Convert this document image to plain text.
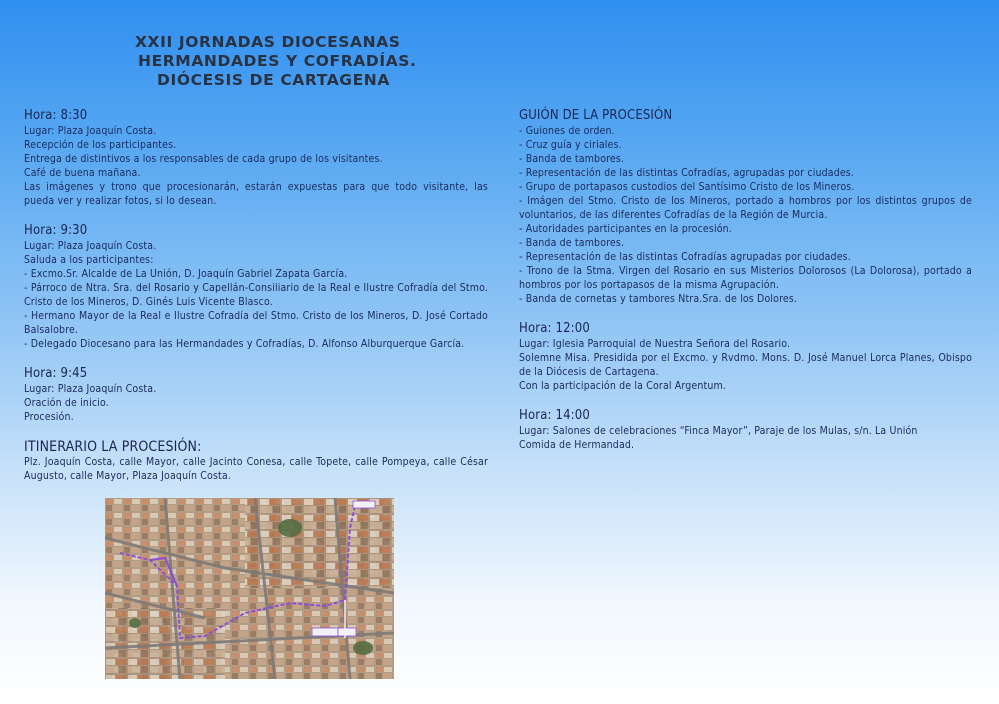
XXII JORNADAS DIOCESANAS
HERMANDADES Y COFRADÍAS.
DIÓCESIS DE CARTAGENA
Hora: 8:30
Lugar: Plaza Joaquín Costa.
Recepción de los participantes.
Entrega de distintivos a los responsables de cada grupo de los visitantes.
Café de buena mañana.
Las imágenes y trono que procesionarán, estarán expuestas para que todo visitante, las pueda ver y realizar fotos, si lo desean.
Hora: 9:30
Lugar: Plaza Joaquín Costa.
Saluda a los participantes:
- Excmo.Sr. Alcalde de La Unión, D. Joaquín Gabriel Zapata García.
- Párroco de Ntra. Sra. del Rosario y Capellán-Consiliario de la Real e Ilustre Cofradía del Stmo. Cristo de los Mineros, D. Ginés Luis Vicente Blasco.
- Hermano Mayor de la Real e Ilustre Cofradía del Stmo. Cristo de los Mineros, D. José Cortado Balsalobre.
- Delegado Diocesano para las Hermandades y Cofradías, D. Alfonso Alburquerque García.
Hora: 9:45
Lugar: Plaza Joaquín Costa.
Oración de inicio.
Procesión.
ITINERARIO LA PROCESIÓN:
Plz. Joaquín Costa, calle Mayor, calle Jacinto Conesa, calle Topete, calle Pompeya, calle César Augusto, calle Mayor, Plaza Joaquín Costa.
GUIÓN DE LA PROCESIÓN
- Guiones de orden.
- Cruz guía y ciriales.
- Banda de tambores.
- Representación de las distintas Cofradías, agrupadas por ciudades.
- Grupo de portapasos custodios del Santísimo Cristo de los Mineros.
- Imágen del Stmo. Cristo de los Mineros, portado a hombros por los distintos grupos de voluntarios, de las diferentes Cofradías de la Región de Murcia.
- Autoridades participantes en la procesión.
- Banda de tambores.
- Representación de las distintas Cofradías agrupadas por ciudades.
- Trono de la Stma. Virgen del Rosario en sus Misterios Dolorosos (La Dolorosa), portado a hombros por los portapasos de la misma Agrupación.
- Banda de cornetas y tambores Ntra.Sra. de los Dolores.
Hora: 12:00
Lugar: Iglesia Parroquial de Nuestra Señora del Rosario.
Solemne Misa. Presidida por el Excmo. y Rvdmo. Mons. D. José Manuel Lorca Planes, Obispo de la Diócesis de Cartagena.
Con la participación de la Coral Argentum.
Hora: 14:00
Lugar: Salones de celebraciones “Finca Mayor”, Paraje de los Mulas, s/n. La Unión
Comida de Hermandad.
